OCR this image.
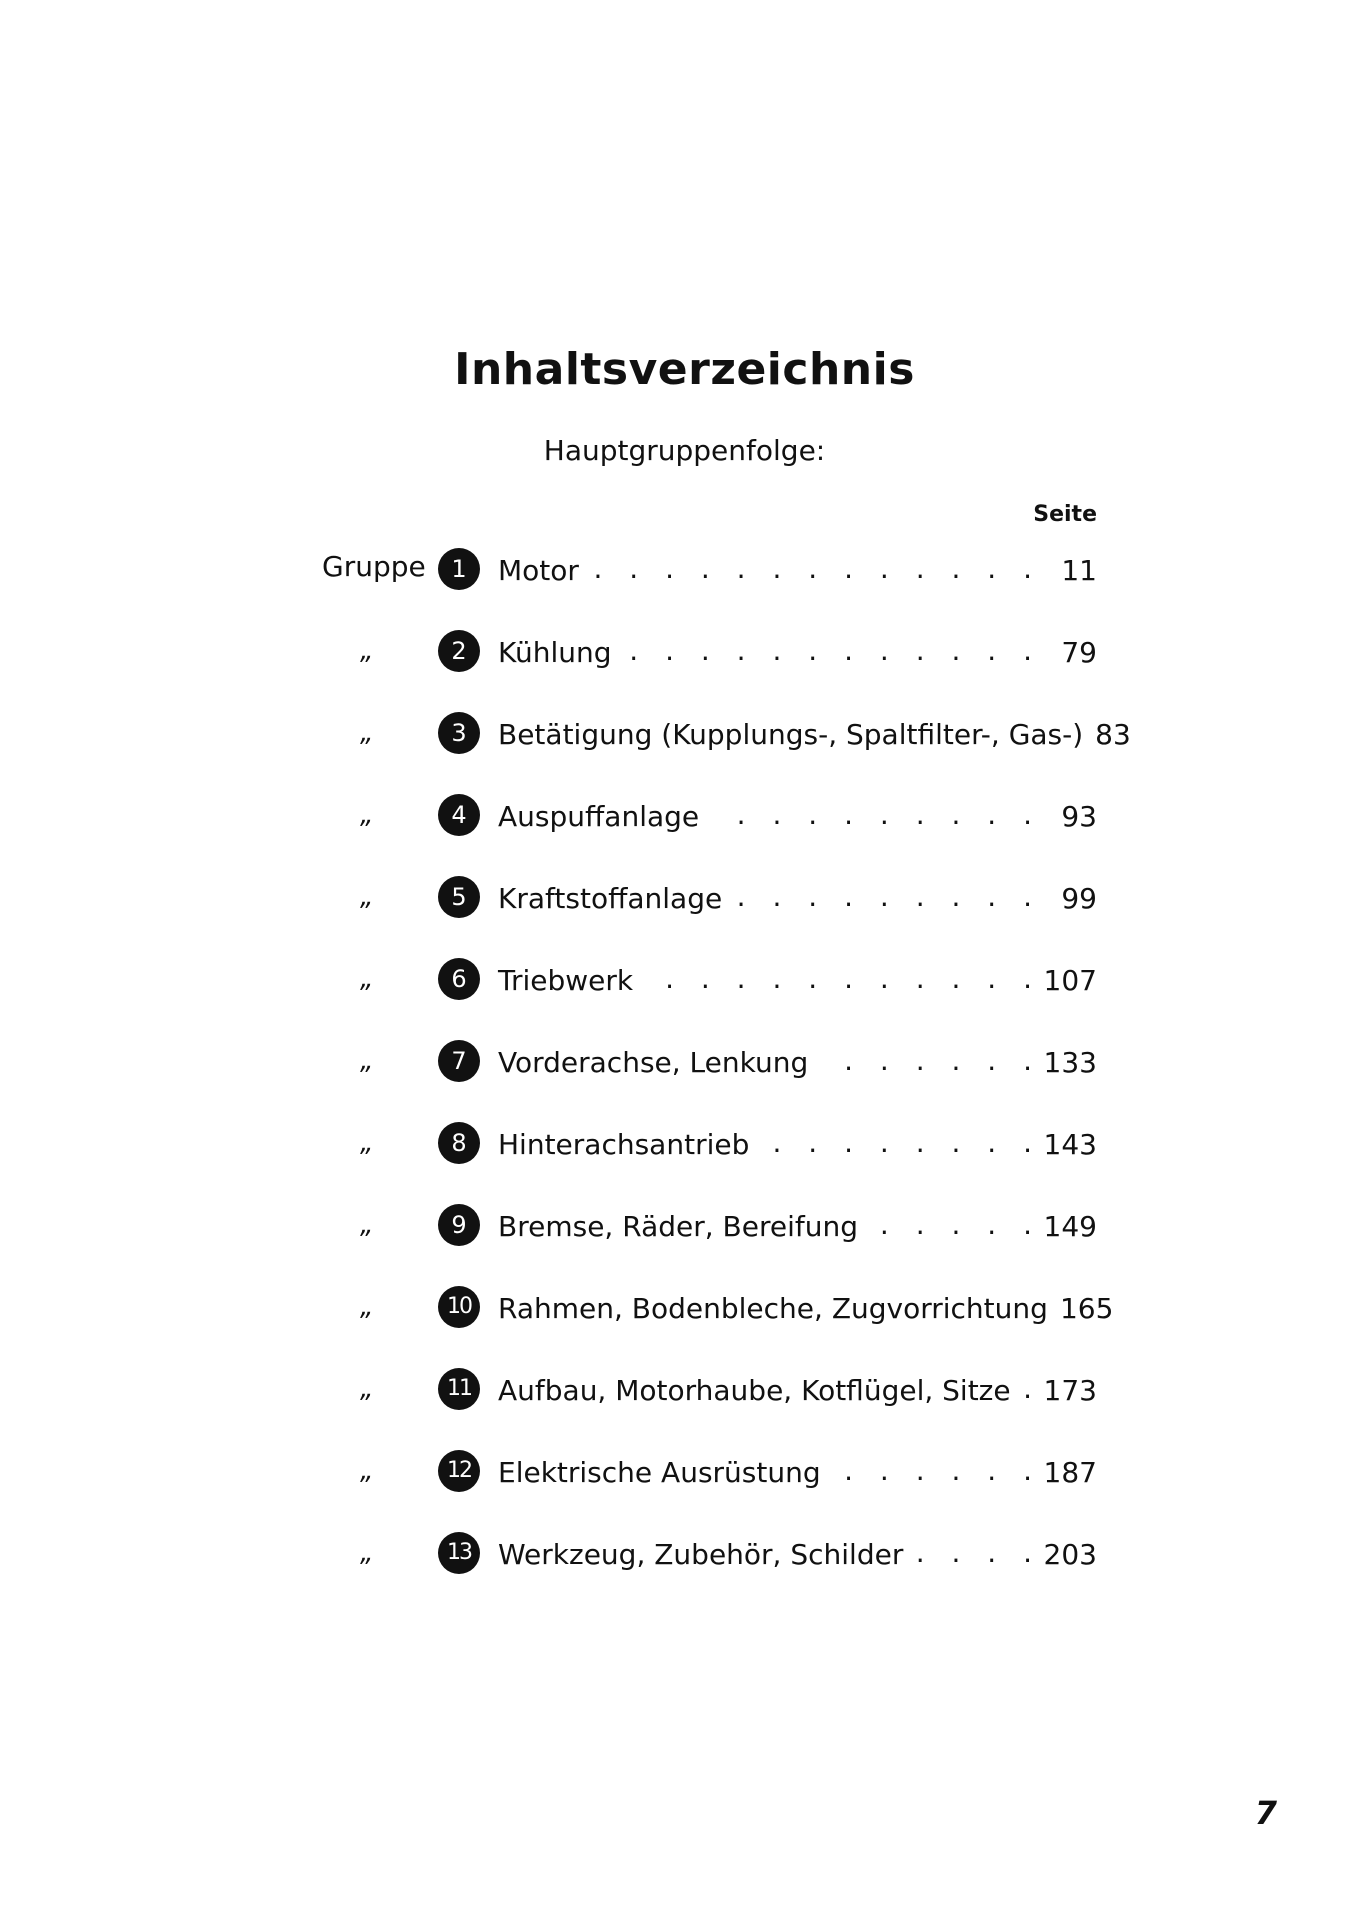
Inhaltsverzeichnis
Hauptgruppenfolge:
Seite
Gruppe	1	Motor . . .	11
„	2	Kühlung . . .	79
„	3	Betätigung (Kupplungs-, Spaltfilter-, Gas-) 83
„	4	Auspuffanlage . . .	93
„	5	Kraftstoffanlage . . .	99
„	6	Triebwerk . . .	107
„	7	Vorderachse, Lenkung . . .	133
„	8	Hinterachsantrieb . . .	143
„	9	Bremse, Räder, Bereifung . . .	149
„	10 Rahmen, Bodenbleche, Zugvorrichtung 165
„	11 Aufbau, Motorhaube, Kotflügel, Sitze . . .	173
„	12 Elektrische Ausrüstung . . .	187
„	13 Werkzeug, Zubehör, Schilder . . .	203
7
